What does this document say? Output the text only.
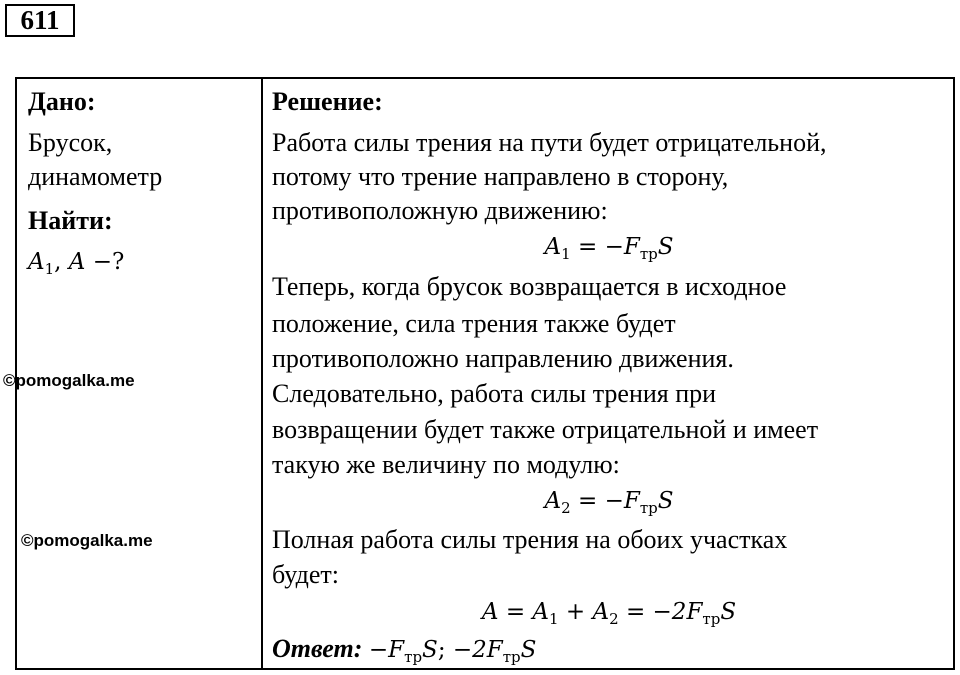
611
Дано:
Брусок,
динамометр
Найти:
$A_1$, A −?
Решение:
Работа силы трения на пути будет отрицательной,
потому что трение направлено в сторону,
противоположную движению:
$A_1 = -F_{тр}S$
Теперь, когда брусок возвращается в исходное
положение, сила трения также будет
противоположно направлению движения.
Следовательно, работа силы трения при
возвращении будет также отрицательной и имеет
такую же величину по модулю:
$A_2 = -F_{тр}S$
Полная работа силы трения на обоих участках
будет:
$A = A_1 + A_2 = -2F_{тр}S$
Ответ: $-F_{тр}S$; $-2F_{тр}S$
©pomogalka.me
©pomogalka.me
